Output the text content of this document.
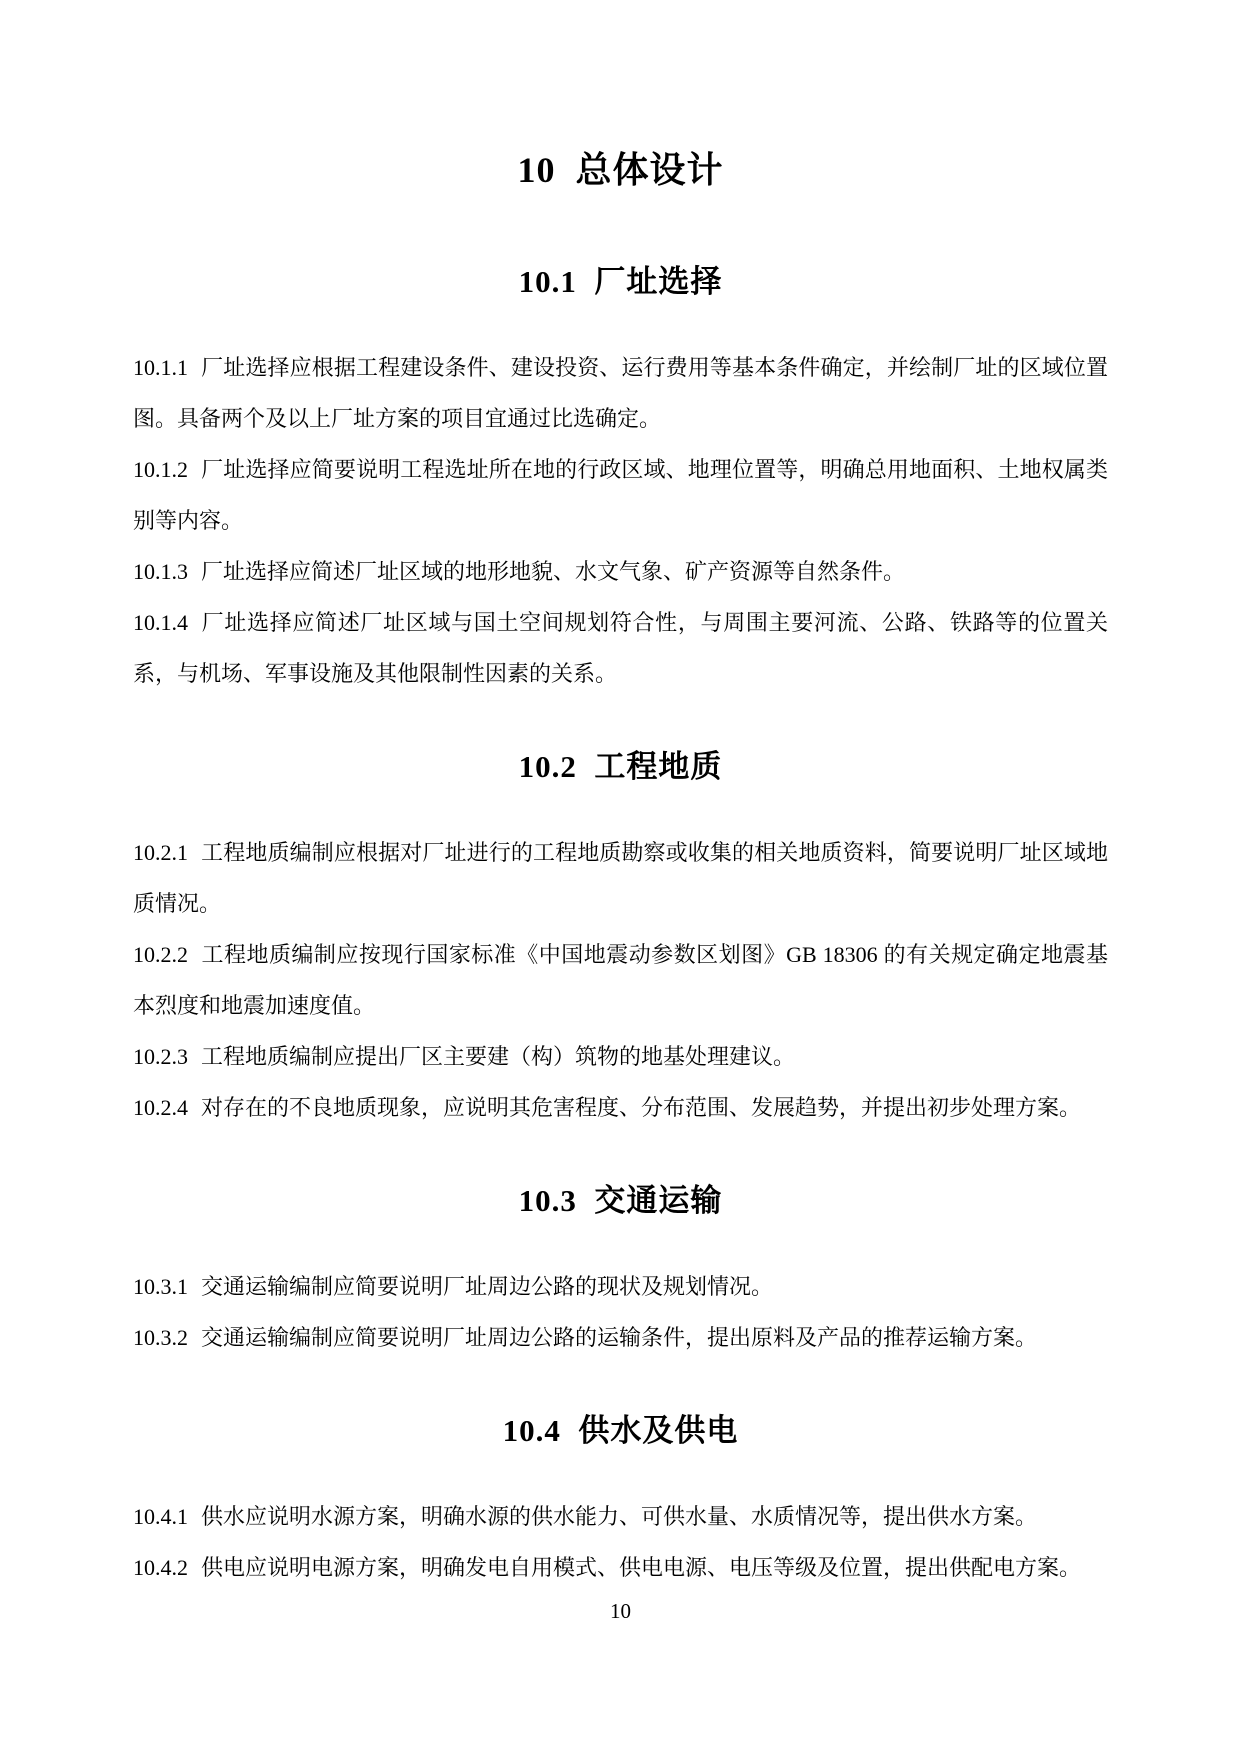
10  总体设计
10.1  厂址选择

10.1.1 厂址选择应根据工程建设条件、建设投资、运行费用等基本条件确定，并绘制厂址的区域位置图。具备两个及以上厂址方案的项目宜通过比选确定。

10.1.2 厂址选择应简要说明工程选址所在地的行政区域、地理位置等，明确总用地面积、土地权属类别等内容。

10.1.3 厂址选择应简述厂址区域的地形地貌、水文气象、矿产资源等自然条件。

10.1.4 厂址选择应简述厂址区域与国土空间规划符合性，与周围主要河流、公路、铁路等的位置关系，与机场、军事设施及其他限制性因素的关系。

10.2  工程地质

10.2.1 工程地质编制应根据对厂址进行的工程地质勘察或收集的相关地质资料，简要说明厂址区域地质情况。

10.2.2 工程地质编制应按现行国家标准《中国地震动参数区划图》GB 18306 的有关规定确定地震基本烈度和地震加速度值。

10.2.3 工程地质编制应提出厂区主要建（构）筑物的地基处理建议。

10.2.4 对存在的不良地质现象，应说明其危害程度、分布范围、发展趋势，并提出初步处理方案。

10.3  交通运输

10.3.1 交通运输编制应简要说明厂址周边公路的现状及规划情况。

10.3.2 交通运输编制应简要说明厂址周边公路的运输条件，提出原料及产品的推荐运输方案。

10.4  供水及供电

10.4.1 供水应说明水源方案，明确水源的供水能力、可供水量、水质情况等，提出供水方案。

10.4.2 供电应说明电源方案，明确发电自用模式、供电电源、电压等级及位置，提出供配电方案。

10
